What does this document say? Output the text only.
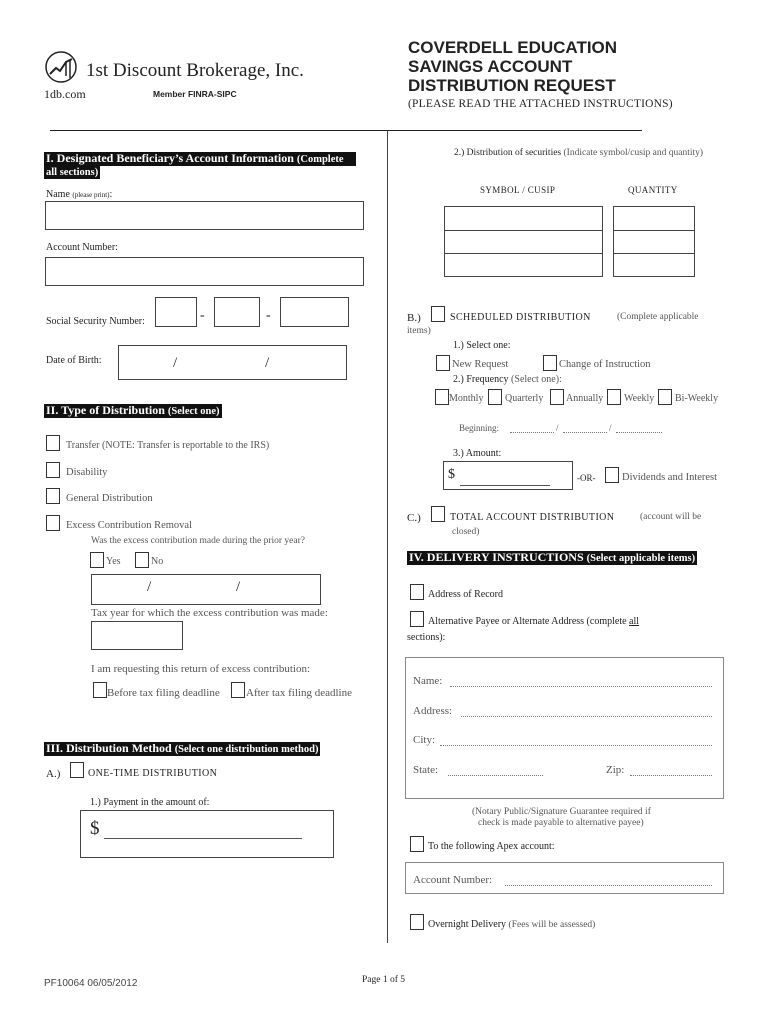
1st Discount Brokerage, Inc.
1db.com	Member FINRA-SIPC
COVERDELL EDUCATION
SAVINGS ACCOUNT
DISTRIBUTION REQUEST
(PLEASE READ THE ATTACHED INSTRUCTIONS)
I. Designated Beneficiary’s Account Information (Complete
all sections)
Name (please print):
Account Number:
Social Security Number:	-	-
Date of Birth:	/	/
II. Type of Distribution (Select one)
Transfer (NOTE: Transfer is reportable to the IRS)
Disability
General Distribution
Excess Contribution Removal
Was the excess contribution made during the prior year?
Yes	No
/	/
Tax year for which the excess contribution was made:
I am requesting this return of excess contribution:
Before tax filing deadline After tax filing deadline
III. Distribution Method (Select one distribution method)
A.)	ONE-TIME DISTRIBUTION
1.) Payment in the amount of:
$
2.) Distribution of securities (Indicate symbol/cusip and quantity)
SYMBOL / CUSIP	QUANTITY
B.)	SCHEDULED DISTRIBUTION	(Complete applicable
items)
1.) Select one:
New Request	Change of Instruction
2.) Frequency (Select one):
Monthly Quarterly Annually Weekly Bi-Weekly
Beginning:	/	/
3.) Amount:
$	-OR-	Dividends and Interest
C.)	TOTAL ACCOUNT DISTRIBUTION	(account will be
closed)
IV. DELIVERY INSTRUCTIONS (Select applicable items)
Address of Record
Alternative Payee or Alternate Address (complete all
sections):
Name:
Address:
City:
State:	Zip:
(Notary Public/Signature Guarantee required if
check is made payable to alternative payee)
To the following Apex account:
Account Number:
Overnight Delivery (Fees will be assessed)
PF10064 06/05/2012	Page 1 of 5
